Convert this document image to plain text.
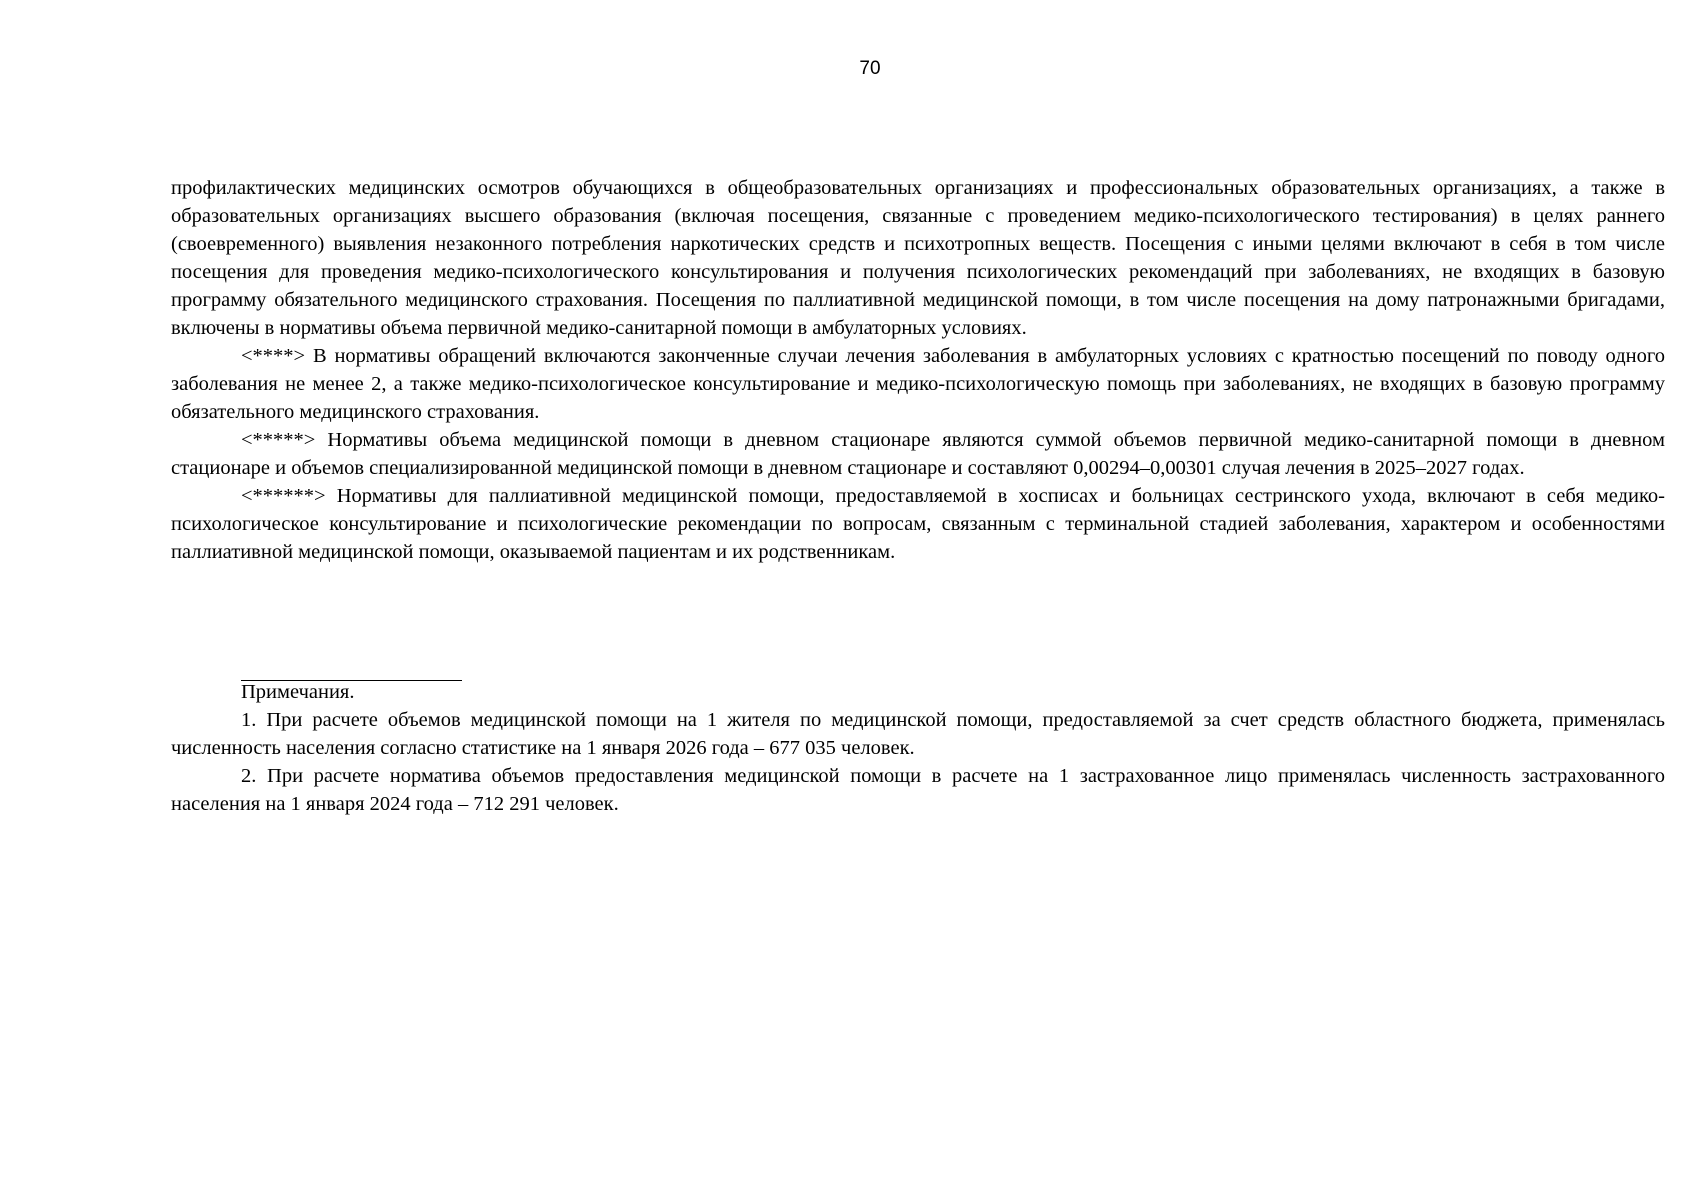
70

профилактических медицинских осмотров обучающихся в общеобразовательных организациях и профессиональных образовательных организациях, а также в образовательных организациях высшего образования (включая посещения, связанные с проведением медико-психологического тестирования) в целях раннего (своевременного) выявления незаконного потребления наркотических средств и психотропных веществ. Посещения с иными целями включают в себя в том числе посещения для проведения медико-психологического консультирования и получения психологических рекомендаций при заболеваниях, не входящих в базовую программу обязательного медицинского страхования. Посещения по паллиативной медицинской помощи, в том числе посещения на дому патронажными бригадами, включены в нормативы объема первичной медико-санитарной помощи в амбулаторных условиях.

<****> В нормативы обращений включаются законченные случаи лечения заболевания в амбулаторных условиях с кратностью посещений по поводу одного заболевания не менее 2, а также медико-психологическое консультирование и медико-психологическую помощь при заболеваниях, не входящих в базовую программу обязательного медицинского страхования.

<*****> Нормативы объема медицинской помощи в дневном стационаре являются суммой объемов первичной медико-санитарной помощи в дневном стационаре и объемов специализированной медицинской помощи в дневном стационаре и составляют 0,00294–0,00301 случая лечения в 2025–2027 годах.

<******> Нормативы для паллиативной медицинской помощи, предоставляемой в хосписах и больницах сестринского ухода, включают в себя медико-психологическое консультирование и психологические рекомендации по вопросам, связанным с терминальной стадией заболевания, характером и особенностями паллиативной медицинской помощи, оказываемой пациентам и их родственникам.

Примечания.

1. При расчете объемов медицинской помощи на 1 жителя по медицинской помощи, предоставляемой за счет средств областного бюджета, применялась численность населения согласно статистике на 1 января 2026 года – 677 035 человек.

2. При расчете норматива объемов предоставления медицинской помощи в расчете на 1 застрахованное лицо применялась численность застрахованного населения на 1 января 2024 года – 712 291 человек.
